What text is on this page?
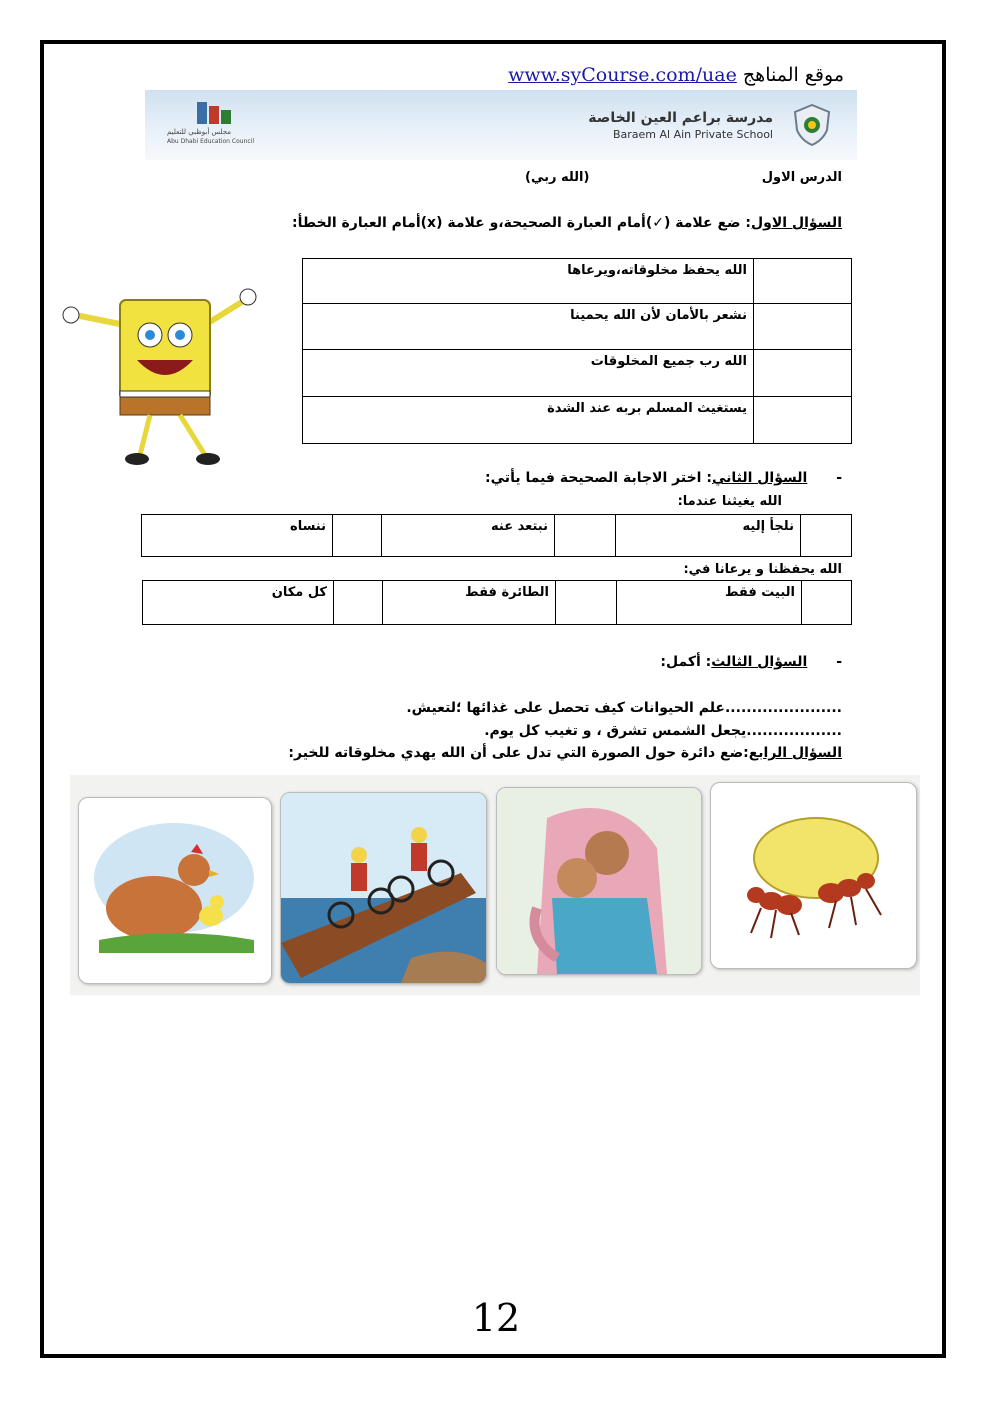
موقع المناهج www.syCourse.com/uae
مجلس أبوظبي للتعليم
Abu Dhabi Education Council
مدرسة براعم العين الخاصة
Baraem Al Ain Private School
الدرس الاول
(الله ربي)
السؤال الاول: ضع علامة (✓)أمام العبارة الصحيحة،و علامة (x)أمام العبارة الخطأ:
	الله يحفظ مخلوقاته،ويرعاها
	نشعر بالأمان لأن الله يحمينا
	الله رب جميع المخلوقات
	يستغيث المسلم بربه عند الشدة
- السؤال الثاني: اختر الاجابة الصحيحة فيما يأتي:
الله يغيثنا عندما:
	نلجأ إليه		نبتعد عنه		ننساه
الله يحفظنا و يرعانا في:
	البيت فقط		الطائرة فقط		كل مكان
- السؤال الثالث: أكمل:
......................علم الحيوانات كيف تحصل على غذائها ؛لتعيش.
..................يجعل الشمس تشرق ، و تغيب كل يوم.
السؤال الرابع:ضع دائرة حول الصورة التي تدل على أن الله يهدي مخلوقاته للخير:
12
